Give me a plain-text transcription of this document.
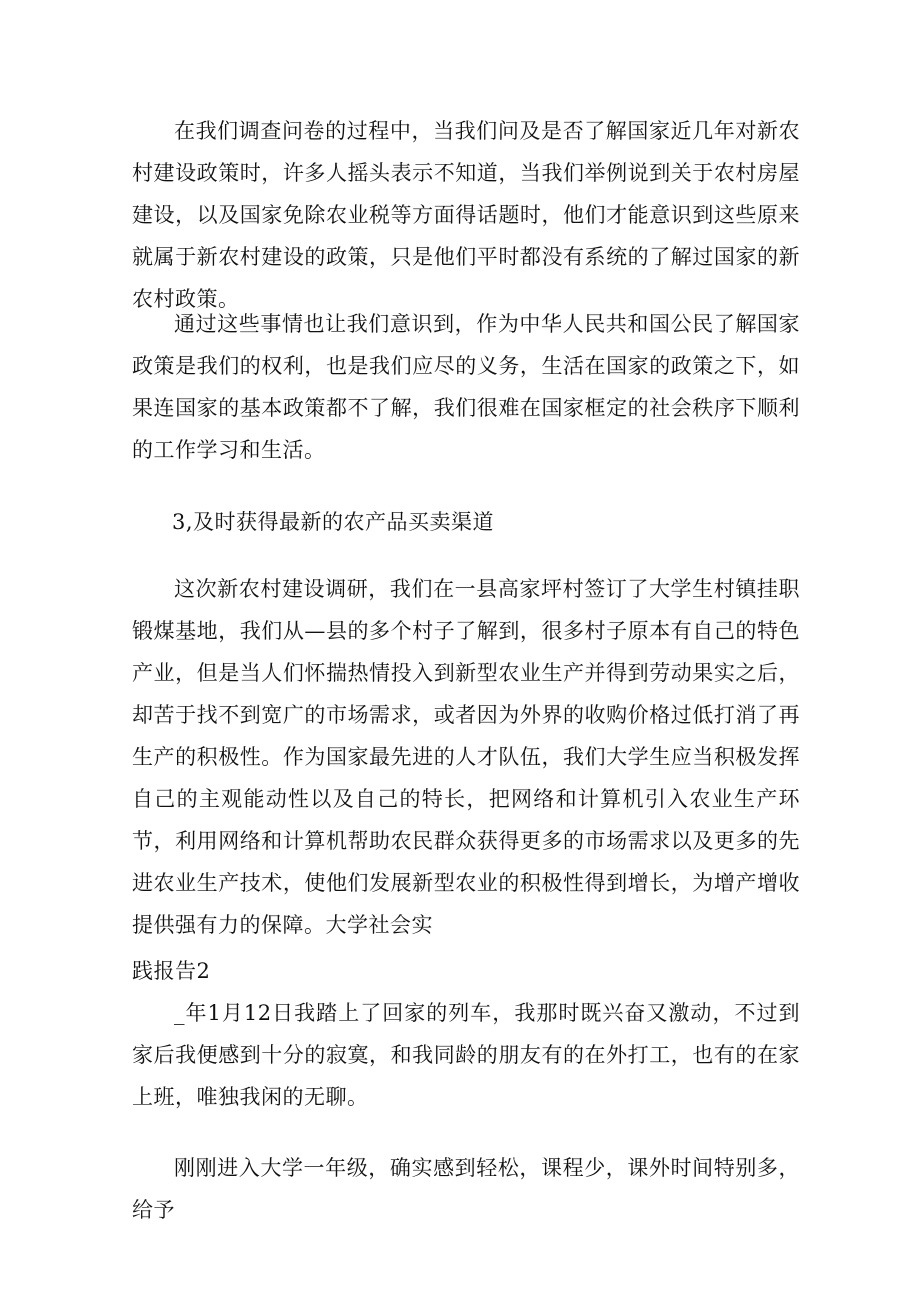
在我们调查问卷的过程中，当我们问及是否了解国家近几年对新农村建设政策时，许多人摇头表示不知道，当我们举例说到关于农村房屋建设，以及国家免除农业税等方面得话题时，他们才能意识到这些原来就属于新农村建设的政策，只是他们平时都没有系统的了解过国家的新农村政策。

通过这些事情也让我们意识到，作为中华人民共和国公民了解国家政策是我们的权利，也是我们应尽的义务，生活在国家的政策之下，如果连国家的基本政策都不了解，我们很难在国家框定的社会秩序下顺利的工作学习和生活。

3,及时获得最新的农产品买卖渠道

这次新农村建设调研，我们在一县高家坪村签订了大学生村镇挂职锻煤基地，我们从—县的多个村子了解到，很多村子原本有自己的特色产业，但是当人们怀揣热情投入到新型农业生产并得到劳动果实之后，却苦于找不到宽广的市场需求，或者因为外界的收购价格过低打消了再生产的积极性。作为国家最先进的人才队伍，我们大学生应当积极发挥自己的主观能动性以及自己的特长，把网络和计算机引入农业生产环节，利用网络和计算机帮助农民群众获得更多的市场需求以及更多的先进农业生产技术，使他们发展新型农业的积极性得到增长，为增产增收提供强有力的保障。大学社会实

践报告2

_年1月12日我踏上了回家的列车，我那时既兴奋又激动，不过到家后我便感到十分的寂寞，和我同龄的朋友有的在外打工，也有的在家上班，唯独我闲的无聊。

刚刚进入大学一年级，确实感到轻松，课程少，课外时间特别多，给予
